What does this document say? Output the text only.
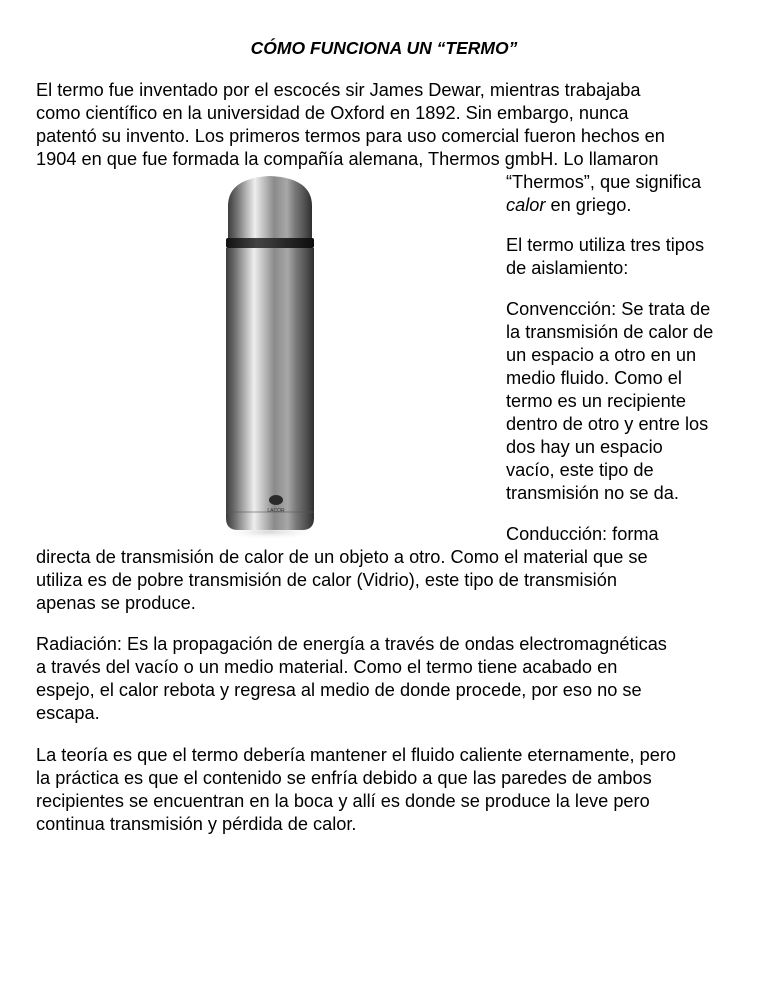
CÓMO FUNCIONA UN “TERMO”
El termo fue inventado por el escocés sir James Dewar, mientras trabajaba
como científico en la universidad de Oxford en 1892. Sin embargo, nunca
patentó su invento. Los primeros termos para uso comercial fueron hechos en
1904 en que fue formada la compañía alemana, Thermos gmbH. Lo llamaron
LACOR
“Thermos”, que significa
calor en griego.
El termo utiliza tres tipos
de aislamiento:
Convencción: Se trata de
la transmisión de calor de
un espacio a otro en un
medio fluido. Como el
termo es un recipiente
dentro de otro y entre los
dos hay un espacio
vacío, este tipo de
transmisión no se da.
Conducción: forma
directa de transmisión de calor de un objeto a otro. Como el material que se
utiliza es de pobre transmisión de calor (Vidrio), este tipo de transmisión
apenas se produce.
Radiación: Es la propagación de energía a través de ondas electromagnéticas
a través del vacío o un medio material. Como el termo tiene acabado en
espejo, el calor rebota y regresa al medio de donde procede, por eso no se
escapa.
La teoría es que el termo debería mantener el fluido caliente eternamente, pero
la práctica es que el contenido se enfría debido a que las paredes de ambos
recipientes se encuentran en la boca y allí es donde se produce la leve pero
continua transmisión y pérdida de calor.
